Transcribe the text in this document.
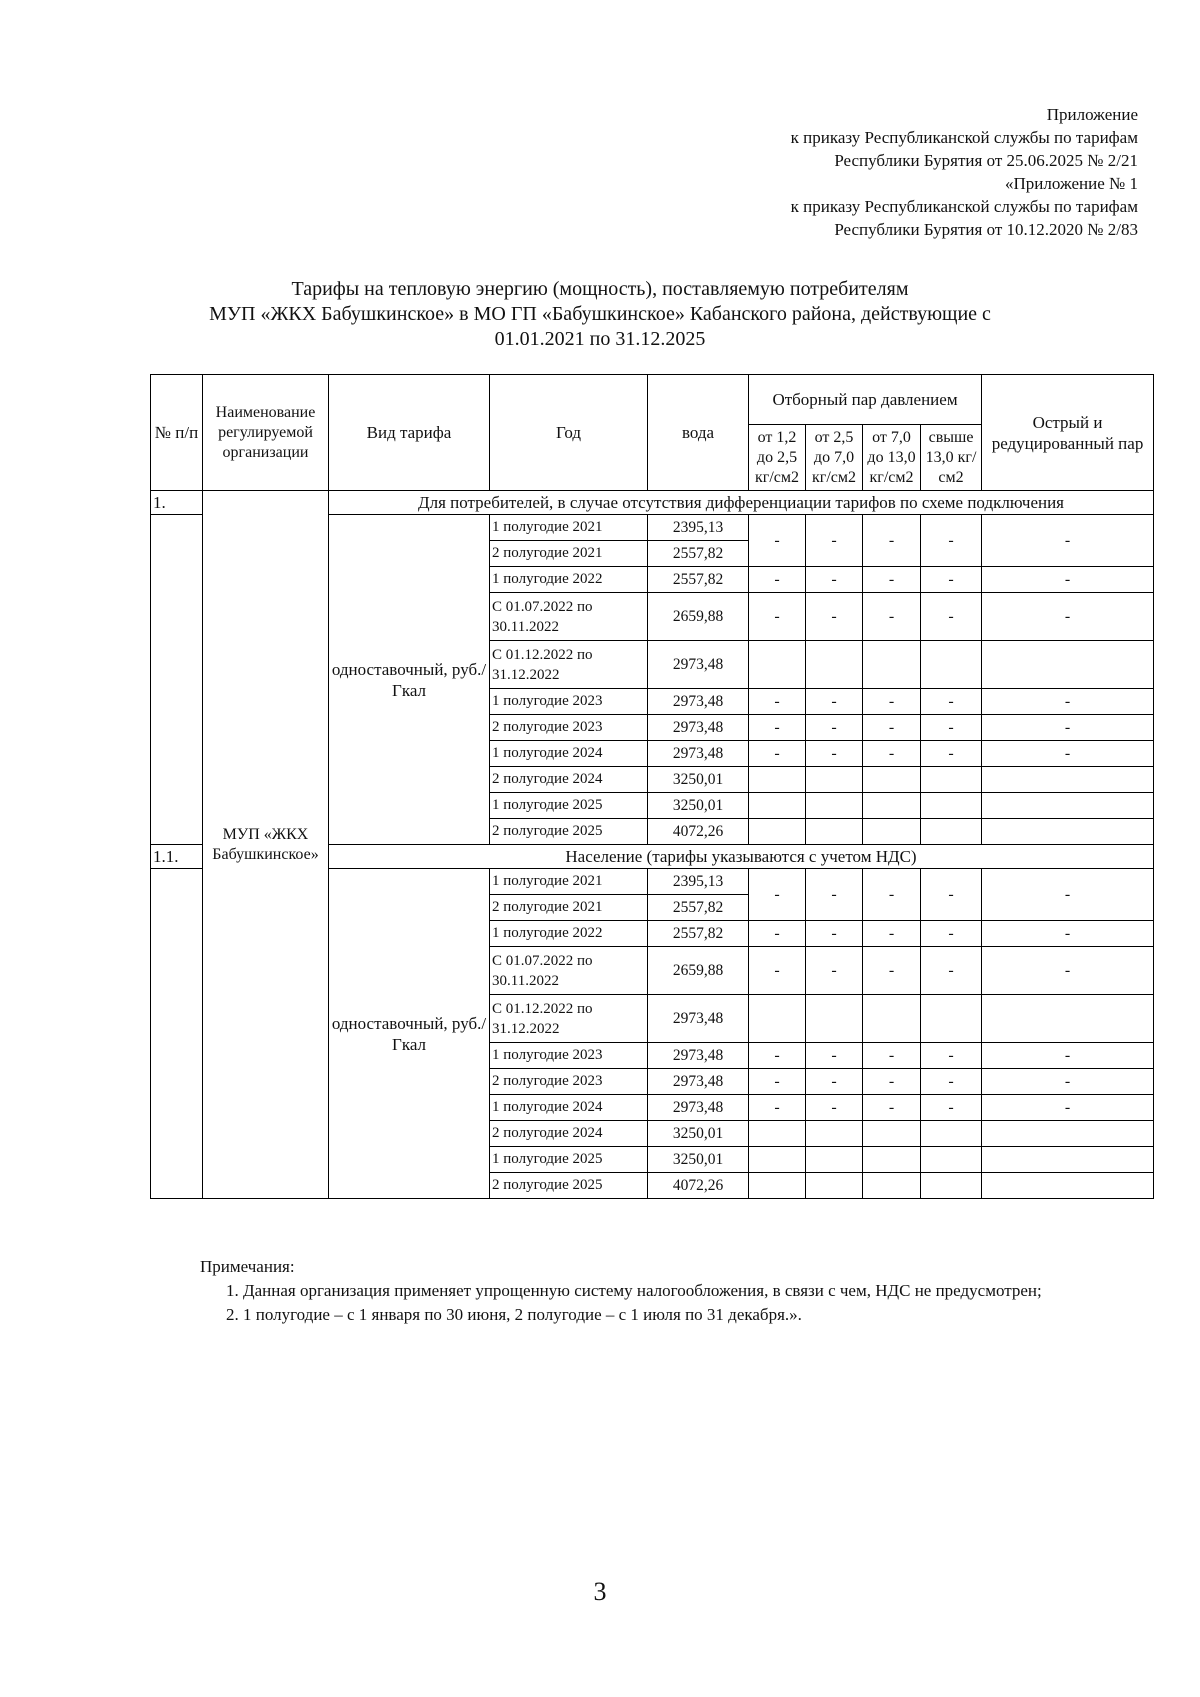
Приложение
к приказу Республиканской службы по тарифам
Республики Бурятия от 25.06.2025 № 2/21
«Приложение № 1
к приказу Республиканской службы по тарифам
Республики Бурятия от 10.12.2020 № 2/83
Тарифы на тепловую энергию (мощность), поставляемую потребителям
МУП «ЖКХ Бабушкинское» в МО ГП «Бабушкинское» Кабанского района, действующие с
01.01.2021 по 31.12.2025
№ п/п	Наименование регулируемой организации	Вид тарифа	Год	вода	Отборный пар давлением				Острый и редуцированный пар
					от 1,2 до 2,5 кг/см2	от 2,5 до 7,0 кг/см2	от 7,0 до 13,0 кг/см2	свыше 13,0 кг/см2	
1.	МУП «ЖКХ Бабушкинское»	Для потребителей, в случае отсутствия дифференциации тарифов по схеме подключения							
		одноставочный, руб./Гкал	1 полугодие 2021	2395,13	-	-	-	-	-
			2 полугодие 2021	2557,82					
			1 полугодие 2022	2557,82	-	-	-	-	-
			С 01.07.2022 по 30.11.2022	2659,88	-	-	-	-	-
			С 01.12.2022 по 31.12.2022	2973,48					
			1 полугодие 2023	2973,48	-	-	-	-	-
			2 полугодие 2023	2973,48	-	-	-	-	-
			1 полугодие 2024	2973,48	-	-	-	-	-
			2 полугодие 2024	3250,01					
			1 полугодие 2025	3250,01					
			2 полугодие 2025	4072,26					
1.1.		Население (тарифы указываются с учетом НДС)							
		одноставочный, руб./Гкал	1 полугодие 2021	2395,13	-	-	-	-	-
			2 полугодие 2021	2557,82					
			1 полугодие 2022	2557,82	-	-	-	-	-
			С 01.07.2022 по 30.11.2022	2659,88	-	-	-	-	-
			С 01.12.2022 по 31.12.2022	2973,48					
			1 полугодие 2023	2973,48	-	-	-	-	-
			2 полугодие 2023	2973,48	-	-	-	-	-
			1 полугодие 2024	2973,48	-	-	-	-	-
			2 полугодие 2024	3250,01					
			1 полугодие 2025	3250,01					
			2 полугодие 2025	4072,26					

Примечания:

1. Данная организация применяет упрощенную систему налогообложения, в связи с чем, НДС не предусмотрен;

2. 1 полугодие – с 1 января по 30 июня, 2 полугодие – с 1 июля по 31 декабря.».

3
